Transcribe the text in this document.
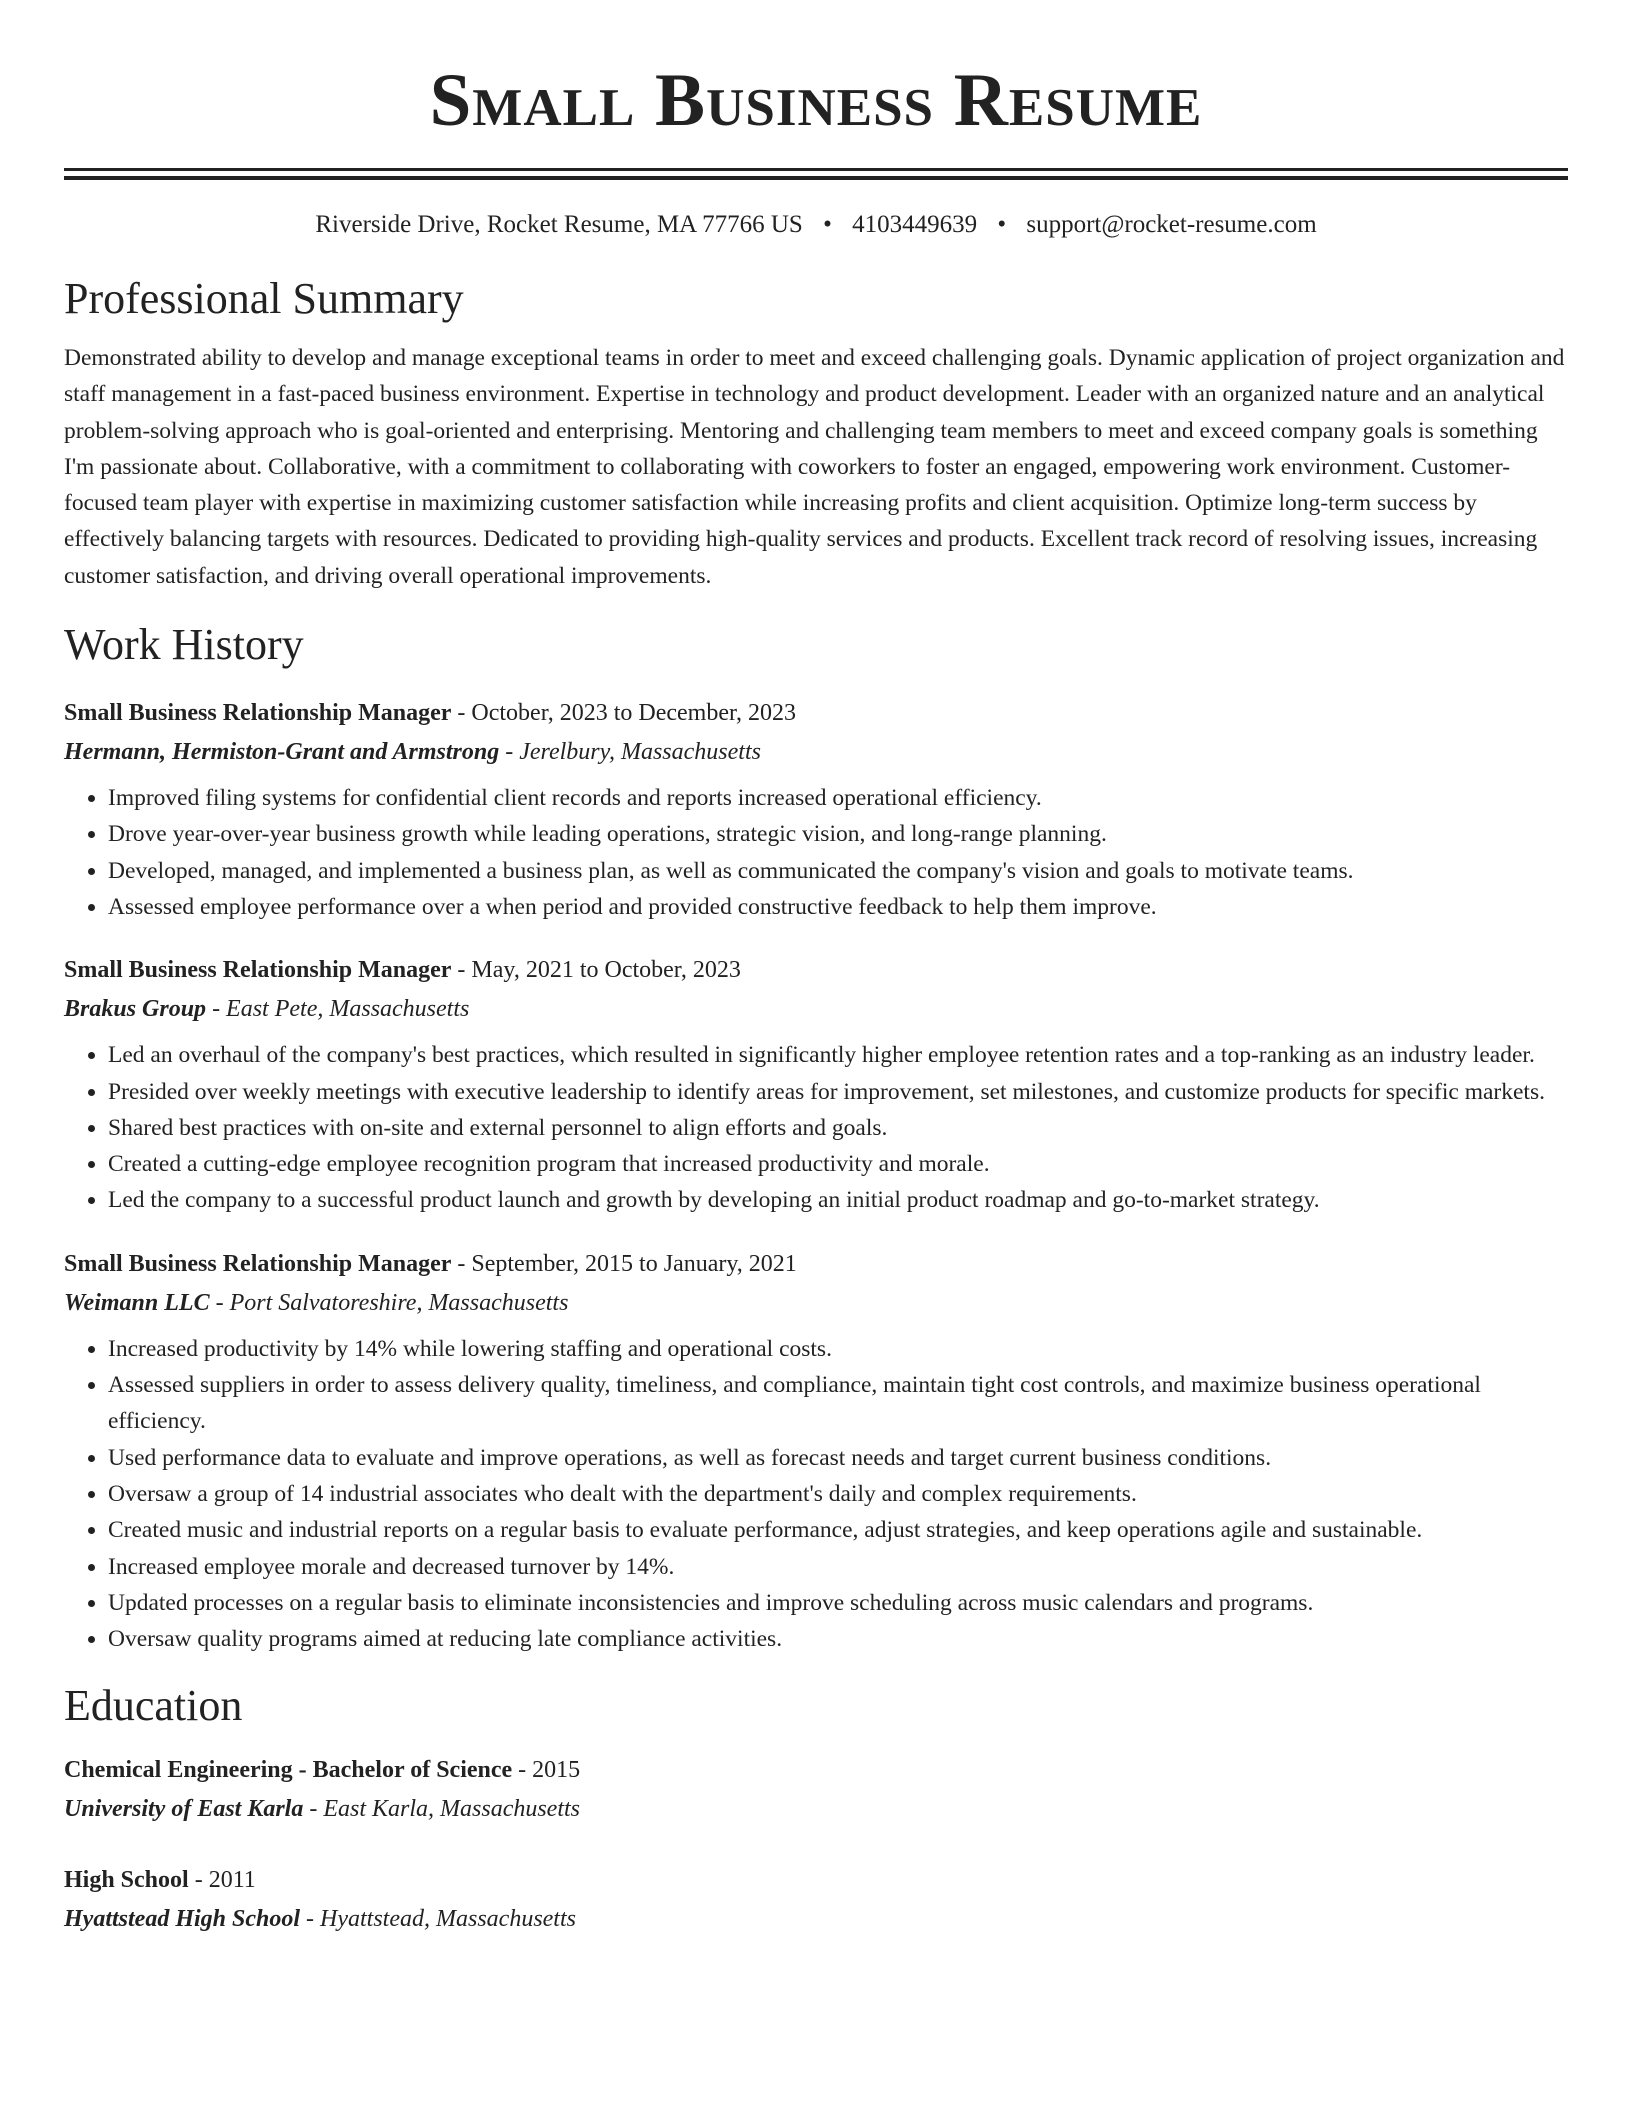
Small Business Resume
Riverside Drive, Rocket Resume, MA 77766 US • 4103449639 • support@rocket-resume.com
Professional Summary

Demonstrated ability to develop and manage exceptional teams in order to meet and exceed challenging goals. Dynamic application of project organization and staff management in a fast-paced business environment. Expertise in technology and product development. Leader with an organized nature and an analytical problem-solving approach who is goal-oriented and enterprising. Mentoring and challenging team members to meet and exceed company goals is something I'm passionate about. Collaborative, with a commitment to collaborating with coworkers to foster an engaged, empowering work environment. Customer-focused team player with expertise in maximizing customer satisfaction while increasing profits and client acquisition. Optimize long-term success by effectively balancing targets with resources. Dedicated to providing high-quality services and products. Excellent track record of resolving issues, increasing customer satisfaction, and driving overall operational improvements.

Work History
Small Business Relationship Manager - October, 2023 to December, 2023
Hermann, Hermiston-Grant and Armstrong - Jerelbury, Massachusetts
• Improved filing systems for confidential client records and reports increased operational efficiency.
• Drove year-over-year business growth while leading operations, strategic vision, and long-range planning.
• Developed, managed, and implemented a business plan, as well as communicated the company's vision and goals to motivate teams.
• Assessed employee performance over a when period and provided constructive feedback to help them improve.
Small Business Relationship Manager - May, 2021 to October, 2023
Brakus Group - East Pete, Massachusetts
• Led an overhaul of the company's best practices, which resulted in significantly higher employee retention rates and a top-ranking as an industry leader.
• Presided over weekly meetings with executive leadership to identify areas for improvement, set milestones, and customize products for specific markets.
• Shared best practices with on-site and external personnel to align efforts and goals.
• Created a cutting-edge employee recognition program that increased productivity and morale.
• Led the company to a successful product launch and growth by developing an initial product roadmap and go-to-market strategy.
Small Business Relationship Manager - September, 2015 to January, 2021
Weimann LLC - Port Salvatoreshire, Massachusetts
• Increased productivity by 14% while lowering staffing and operational costs.
• Assessed suppliers in order to assess delivery quality, timeliness, and compliance, maintain tight cost controls, and maximize business operational efficiency.
• Used performance data to evaluate and improve operations, as well as forecast needs and target current business conditions.
• Oversaw a group of 14 industrial associates who dealt with the department's daily and complex requirements.
• Created music and industrial reports on a regular basis to evaluate performance, adjust strategies, and keep operations agile and sustainable.
• Increased employee morale and decreased turnover by 14%.
• Updated processes on a regular basis to eliminate inconsistencies and improve scheduling across music calendars and programs.
• Oversaw quality programs aimed at reducing late compliance activities.
Education
Chemical Engineering - Bachelor of Science - 2015
University of East Karla - East Karla, Massachusetts
High School - 2011
Hyattstead High School - Hyattstead, Massachusetts
